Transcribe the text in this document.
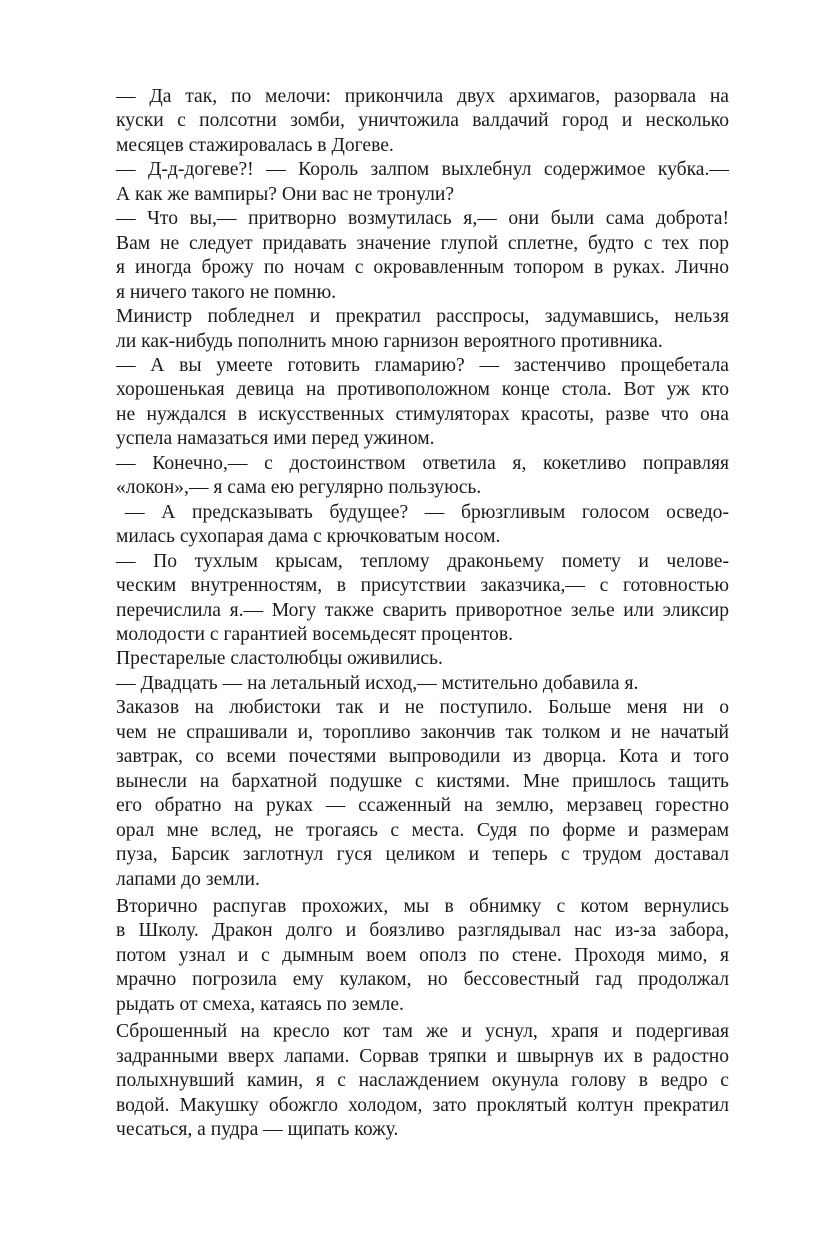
— Да так, по мелочи: прикончила двух архимагов, разорвала на
куски с полсотни зомби, уничтожила валдачий город и несколько
месяцев стажировалась в Догеве.
— Д-д-догеве?! — Король залпом выхлебнул содержимое кубка.—
А как же вампиры? Они вас не тронули?
— Что вы,— притворно возмутилась я,— они были сама доброта!
Вам не следует придавать значение глупой сплетне, будто с тех пор
я иногда брожу по ночам с окровавленным топором в руках. Лично
я ничего такого не помню.
Министр побледнел и прекратил расспросы, задумавшись, нельзя
ли как-нибудь пополнить мною гарнизон вероятного противника.
— А вы умеете готовить гламарию? — застенчиво прощебетала
хорошенькая девица на противоположном конце стола. Вот уж кто
не нуждался в искусственных стимуляторах красоты, разве что она
успела намазаться ими перед ужином.
— Конечно,— с достоинством ответила я, кокетливо поправляя
«локон»,— я сама ею регулярно пользуюсь.
— А предсказывать будущее? — брюзгливым голосом осведо-
милась сухопарая дама с крючковатым носом.
— По тухлым крысам, теплому драконьему помету и человe-
ческим внутренностям, в присутствии заказчика,— с готовностью
перечислила я.— Могу также сварить приворотное зелье или эликсир
молодости с гарантией восемьдесят процентов.
Престарелые сластолюбцы оживились.
— Двадцать — на летальный исход,— мстительно добавила я.
Заказов на любистоки так и не поступило. Больше меня ни о
чем не спрашивали и, торопливо закончив так толком и не начатый
завтрак, со всеми почестями выпроводили из дворца. Кота и того
вынесли на бархатной подушке с кистями. Мне пришлось тащить
его обратно на руках — ссаженный на землю, мерзавец горестно
орал мне вслед, не трогаясь с места. Судя по форме и размерам
пуза, Барсик заглотнул гуся целиком и теперь с трудом доставал
лапами до земли.
Вторично распугав прохожих, мы в обнимку с котом вернулись
в Школу. Дракон долго и боязливо разглядывал нас из-за забора,
потом узнал и с дымным воем ополз по стене. Проходя мимо, я
мрачно погрозила ему кулаком, но бессовестный гад продолжал
рыдать от смеха, катаясь по земле.
Сброшенный на кресло кот там же и уснул, храпя и подергивая
задранными вверх лапами. Сорвав тряпки и швырнув их в радостно
полыхнувший камин, я с наслаждением окунула голову в ведро с
водой. Макушку обожгло холодом, зато проклятый колтун прекратил
чесаться, а пудра — щипать кожу.
